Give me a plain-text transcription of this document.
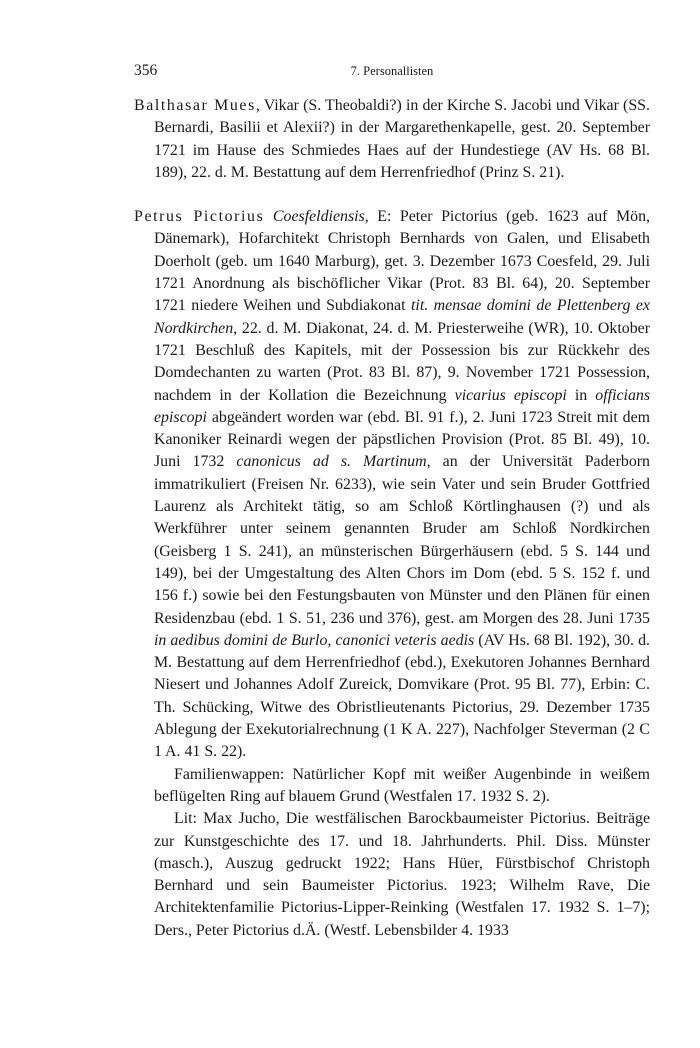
356	7. Personallisten

Balthasar Mues, Vikar (S. Theobaldi?) in der Kirche S. Jacobi und Vikar (SS. Bernardi, Basilii et Alexii?) in der Margarethenkapelle, gest. 20. September 1721 im Hause des Schmiedes Haes auf der Hundestiege (AV Hs. 68 Bl. 189), 22. d. M. Bestattung auf dem Herrenfriedhof (Prinz S. 21).

Petrus Pictorius Coesfeldiensis, E: Peter Pictorius (geb. 1623 auf Mön, Dänemark), Hofarchitekt Christoph Bernhards von Galen, und Elisabeth Doerholt (geb. um 1640 Marburg), get. 3. Dezember 1673 Coesfeld, 29. Juli 1721 Anordnung als bischöflicher Vikar (Prot. 83 Bl. 64), 20. September 1721 niedere Weihen und Subdiakonat tit. mensae domini de Plettenberg ex Nordkirchen, 22. d. M. Diakonat, 24. d. M. Priesterweihe (WR), 10. Oktober 1721 Beschluß des Kapitels, mit der Possession bis zur Rückkehr des Domdechanten zu warten (Prot. 83 Bl. 87), 9. November 1721 Possession, nachdem in der Kollation die Bezeichnung vicarius episcopi in officians episcopi abgeändert worden war (ebd. Bl. 91 f.), 2. Juni 1723 Streit mit dem Kanoniker Reinardi wegen der päpstlichen Provision (Prot. 85 Bl. 49), 10. Juni 1732 canonicus ad s. Martinum, an der Universität Paderborn immatrikuliert (Freisen Nr. 6233), wie sein Vater und sein Bruder Gottfried Laurenz als Architekt tätig, so am Schloß Körtlinghausen (?) und als Werkführer unter seinem genannten Bruder am Schloß Nordkirchen (Geisberg 1 S. 241), an münsterischen Bürgerhäusern (ebd. 5 S. 144 und 149), bei der Umgestaltung des Alten Chors im Dom (ebd. 5 S. 152 f. und 156 f.) sowie bei den Festungsbauten von Münster und den Plänen für einen Residenzbau (ebd. 1 S. 51, 236 und 376), gest. am Morgen des 28. Juni 1735 in aedibus domini de Burlo, canonici veteris aedis (AV Hs. 68 Bl. 192), 30. d. M. Bestattung auf dem Herrenfriedhof (ebd.), Exekutoren Johannes Bernhard Niesert und Johannes Adolf Zureick, Domvikare (Prot. 95 Bl. 77), Erbin: C. Th. Schücking, Witwe des Obristlieutenants Pictorius, 29. Dezember 1735 Ablegung der Exekutorialrechnung (1 K A. 227), Nachfolger Steverman (2 C 1 A. 41 S. 22).

Familienwappen: Natürlicher Kopf mit weißer Augenbinde in weißem beflügelten Ring auf blauem Grund (Westfalen 17. 1932 S. 2).

Lit: Max Jucho, Die westfälischen Barockbaumeister Pictorius. Beiträge zur Kunstgeschichte des 17. und 18. Jahrhunderts. Phil. Diss. Münster (masch.), Auszug gedruckt 1922; Hans Hüer, Fürstbischof Christoph Bernhard und sein Baumeister Pictorius. 1923; Wilhelm Rave, Die Architektenfamilie Pictorius-Lipper-Reinking (Westfalen 17. 1932 S. 1–7); Ders., Peter Pictorius d.Ä. (Westf. Lebensbilder 4. 1933
